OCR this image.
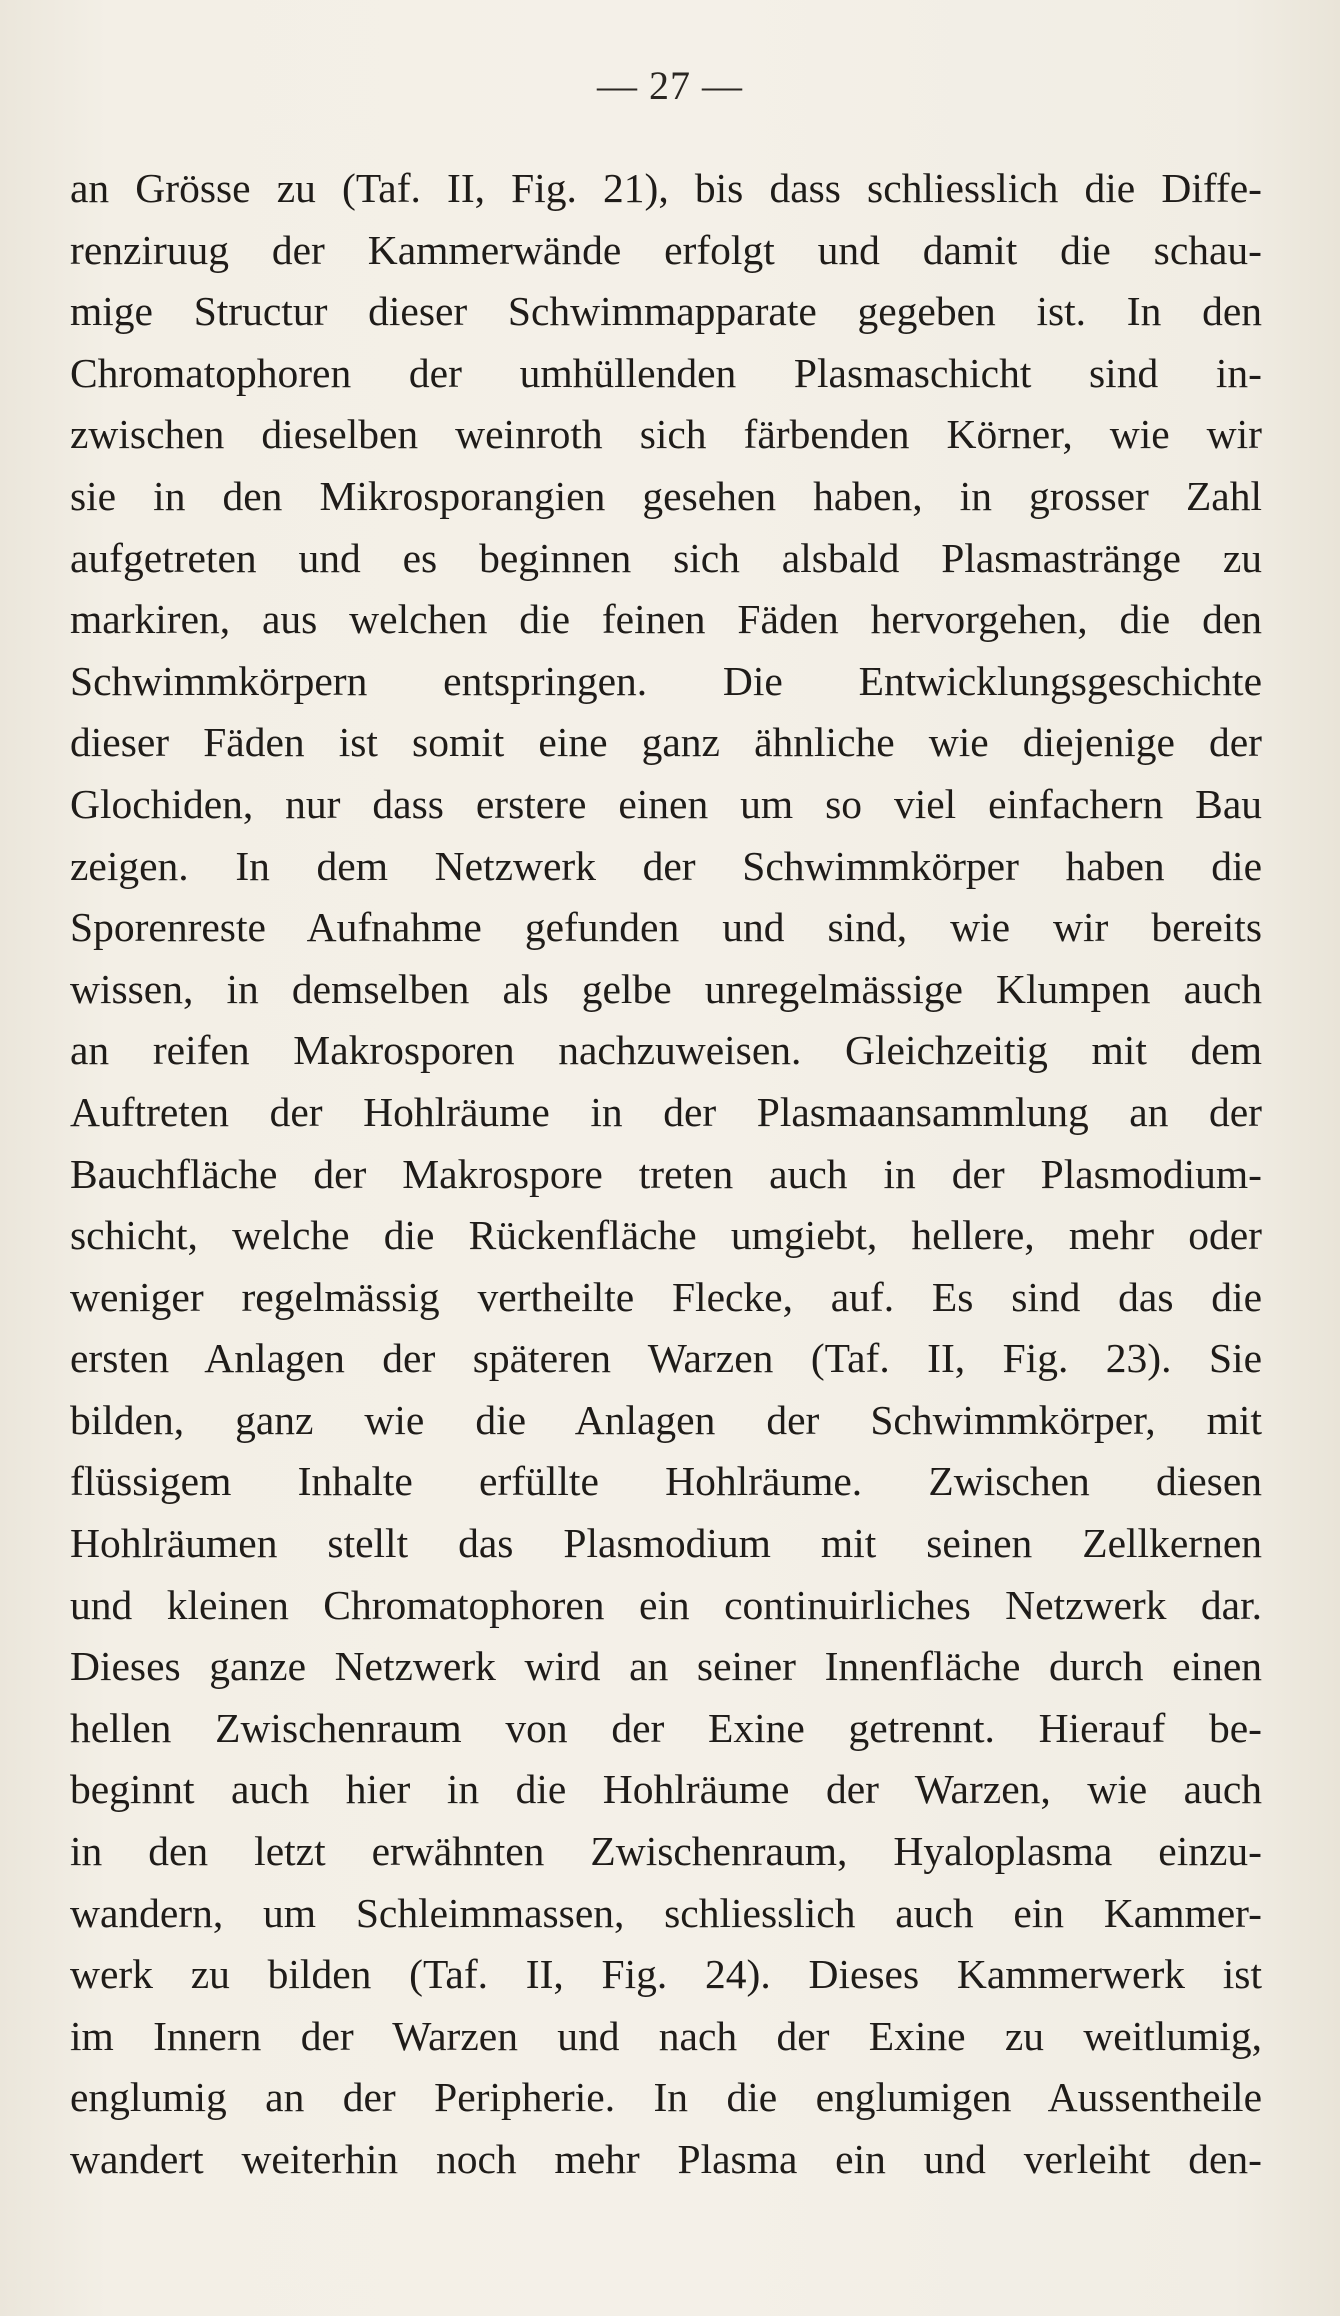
— 27 —
an Grösse zu (Taf. II, Fig. 21), bis dass schliesslich die Diffe-
renziruug der Kammerwände erfolgt und damit die schau-
mige Structur dieser Schwimmapparate gegeben ist. In den
Chromatophoren der umhüllenden Plasmaschicht sind in-
zwischen dieselben weinroth sich färbenden Körner, wie wir
sie in den Mikrosporangien gesehen haben, in grosser Zahl
aufgetreten und es beginnen sich alsbald Plasmastränge zu
markiren, aus welchen die feinen Fäden hervorgehen, die den
Schwimmkörpern entspringen. Die Entwicklungsgeschichte
dieser Fäden ist somit eine ganz ähnliche wie diejenige der
Glochiden, nur dass erstere einen um so viel einfachern Bau
zeigen. In dem Netzwerk der Schwimmkörper haben die
Sporenreste Aufnahme gefunden und sind, wie wir bereits
wissen, in demselben als gelbe unregelmässige Klumpen auch
an reifen Makrosporen nachzuweisen. Gleichzeitig mit dem
Auftreten der Hohlräume in der Plasmaansammlung an der
Bauchfläche der Makrospore treten auch in der Plasmodium-
schicht, welche die Rückenfläche umgiebt, hellere, mehr oder
weniger regelmässig vertheilte Flecke, auf. Es sind das die
ersten Anlagen der späteren Warzen (Taf. II, Fig. 23). Sie
bilden, ganz wie die Anlagen der Schwimmkörper, mit
flüssigem Inhalte erfüllte Hohlräume. Zwischen diesen
Hohlräumen stellt das Plasmodium mit seinen Zellkernen
und kleinen Chromatophoren ein continuirliches Netzwerk dar.
Dieses ganze Netzwerk wird an seiner Innenfläche durch einen
hellen Zwischenraum von der Exine getrennt. Hierauf be-
beginnt auch hier in die Hohlräume der Warzen, wie auch
in den letzt erwähnten Zwischenraum, Hyaloplasma einzu-
wandern, um Schleimmassen, schliesslich auch ein Kammer-
werk zu bilden (Taf. II, Fig. 24). Dieses Kammerwerk ist
im Innern der Warzen und nach der Exine zu weitlumig,
englumig an der Peripherie. In die englumigen Aussentheile
wandert weiterhin noch mehr Plasma ein und verleiht den-
